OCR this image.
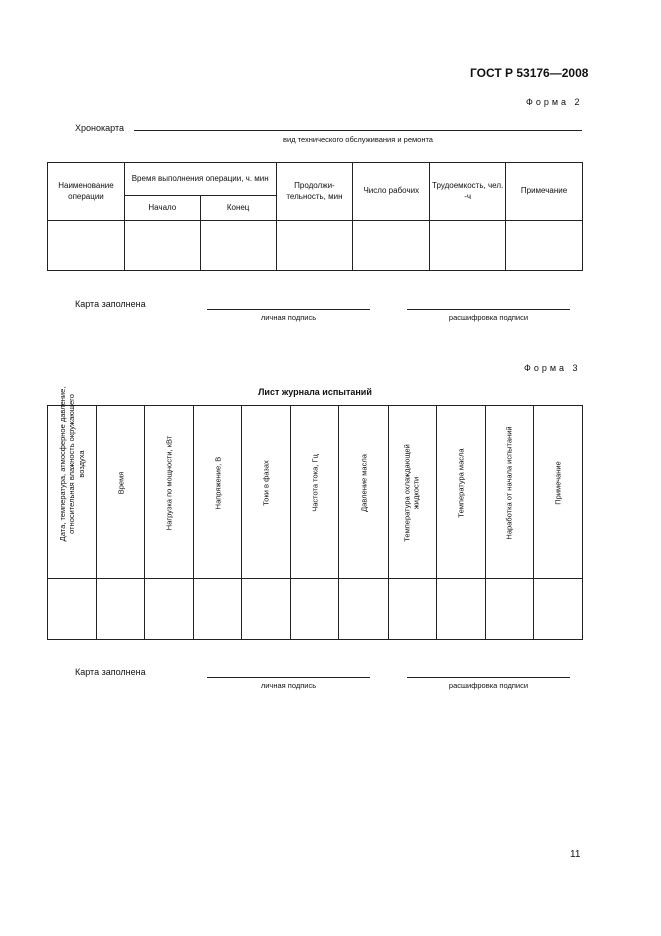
ГОСТ Р 53176—2008
Форма 2
Хронокарта
вид технического обслуживания и ремонта
Наименование операции	Время выполнения операции, ч. мин		Продолжи-тельность, мин	Число рабочих	Трудоемкость, чел. -ч	Примечание
	Начало	Конец				

Карта заполнена
личная подпись	расшифровка подписи
Форма 3
Лист журнала испытаний
Дата, температура, атмосферное давление, относительная влажность окружающего воздуха	Время	Нагрузка по мощности, кВт	Напряжение, В	Токи в фазах	Частота тока, Гц	Давление масла	Температура охлаждающей жидкости	Температура масла	Наработка от начала испытаний	Примечание

Карта заполнена
личная подпись	расшифровка подписи
11
